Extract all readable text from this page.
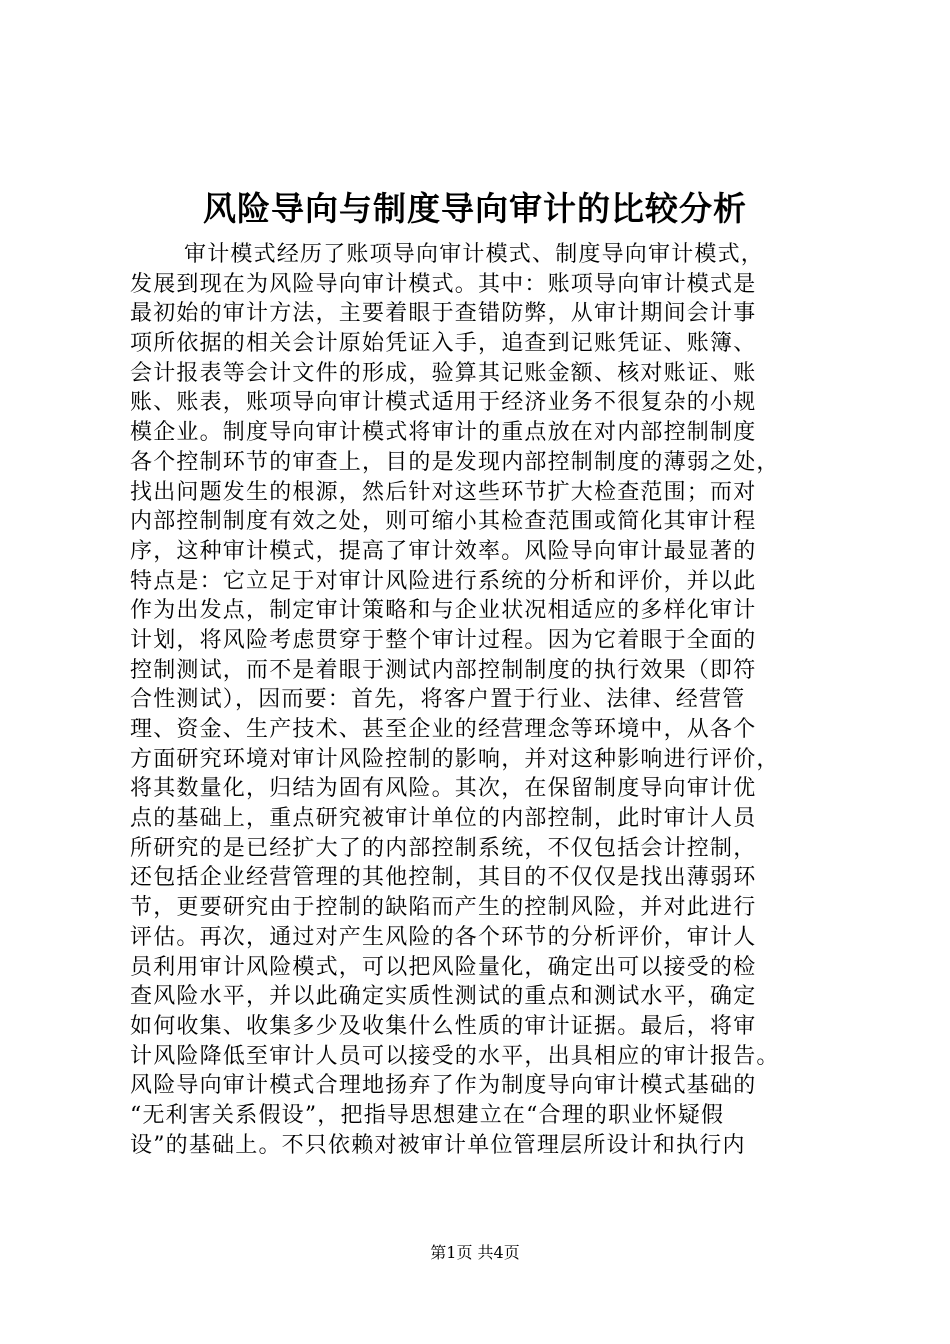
风险导向与制度导向审计的比较分析
审计模式经历了账项导向审计模式、制度导向审计模式，
发展到现在为风险导向审计模式。其中：账项导向审计模式是
最初始的审计方法，主要着眼于查错防弊，从审计期间会计事
项所依据的相关会计原始凭证入手，追查到记账凭证、账簿、
会计报表等会计文件的形成，验算其记账金额、核对账证、账
账、账表，账项导向审计模式适用于经济业务不很复杂的小规
模企业。制度导向审计模式将审计的重点放在对内部控制制度
各个控制环节的审查上，目的是发现内部控制制度的薄弱之处，
找出问题发生的根源，然后针对这些环节扩大检查范围；而对
内部控制制度有效之处，则可缩小其检查范围或简化其审计程
序，这种审计模式，提高了审计效率。风险导向审计最显著的
特点是：它立足于对审计风险进行系统的分析和评价，并以此
作为出发点，制定审计策略和与企业状况相适应的多样化审计
计划，将风险考虑贯穿于整个审计过程。因为它着眼于全面的
控制测试，而不是着眼于测试内部控制制度的执行效果（即符
合性测试），因而要：首先，将客户置于行业、法律、经营管
理、资金、生产技术、甚至企业的经营理念等环境中，从各个
方面研究环境对审计风险控制的影响，并对这种影响进行评价，
将其数量化，归结为固有风险。其次，在保留制度导向审计优
点的基础上，重点研究被审计单位的内部控制，此时审计人员
所研究的是已经扩大了的内部控制系统，不仅包括会计控制，
还包括企业经营管理的其他控制，其目的不仅仅是找出薄弱环
节，更要研究由于控制的缺陷而产生的控制风险，并对此进行
评估。再次，通过对产生风险的各个环节的分析评价，审计人
员利用审计风险模式，可以把风险量化，确定出可以接受的检
查风险水平，并以此确定实质性测试的重点和测试水平，确定
如何收集、收集多少及收集什么性质的审计证据。最后，将审
计风险降低至审计人员可以接受的水平，出具相应的审计报告。
风险导向审计模式合理地扬弃了作为制度导向审计模式基础的
“无利害关系假设”，把指导思想建立在“合理的职业怀疑假
设”的基础上。不只依赖对被审计单位管理层所设计和执行内
第1页 共4页
